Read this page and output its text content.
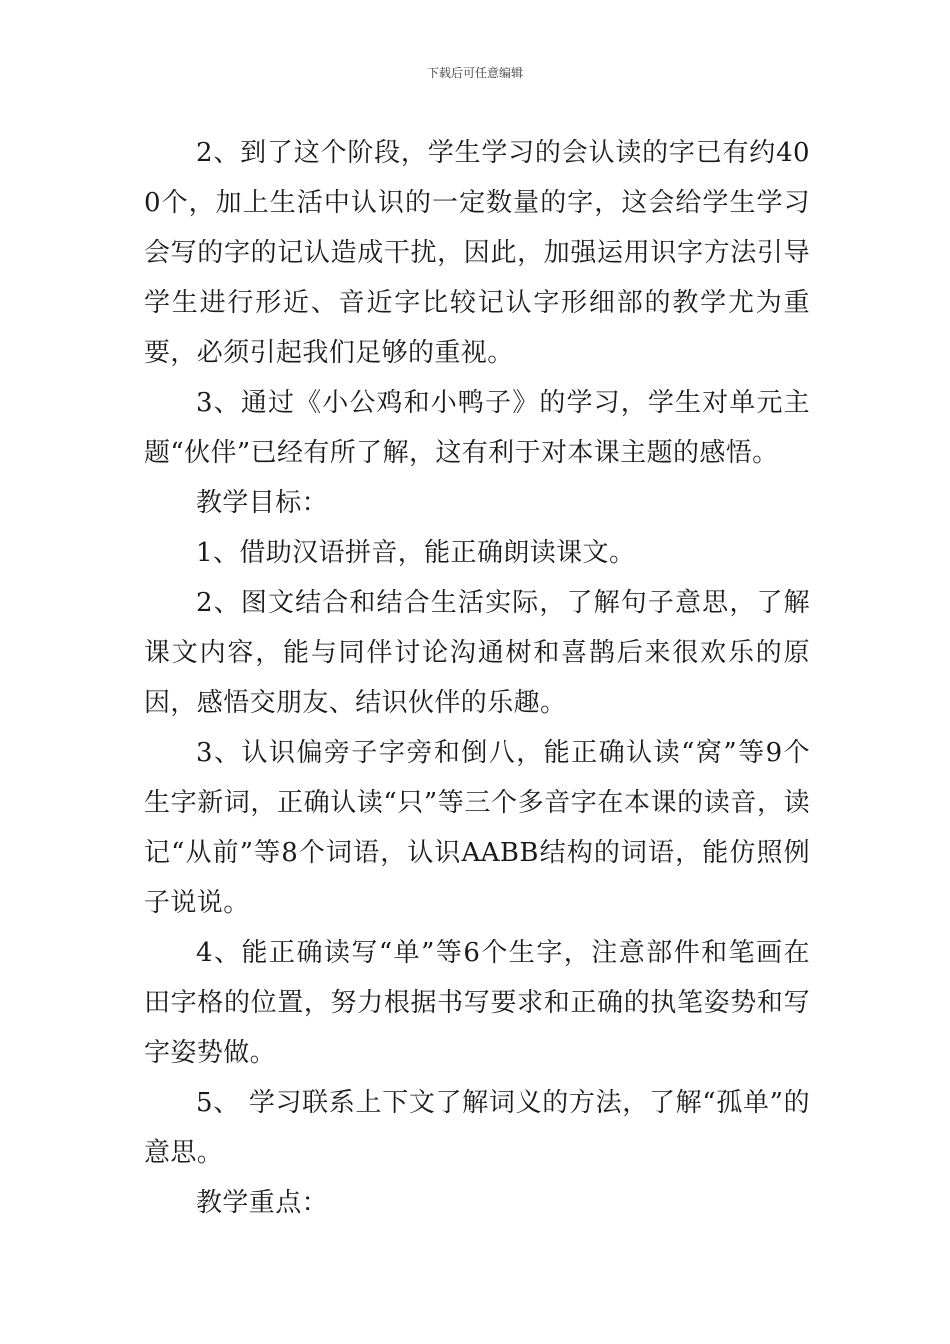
下载后可任意编辑

2、到了这个阶段，学生学习的会认读的字已有约400个，加上生活中认识的一定数量的字，这会给学生学习会写的字的记认造成干扰，因此，加强运用识字方法引导学生进行形近、音近字比较记认字形细部的教学尤为重要，必须引起我们足够的重视。

3、通过《小公鸡和小鸭子》的学习，学生对单元主题“伙伴”已经有所了解，这有利于对本课主题的感悟。

教学目标：

1、借助汉语拼音，能正确朗读课文。

2、图文结合和结合生活实际，了解句子意思，了解课文内容，能与同伴讨论沟通树和喜鹊后来很欢乐的原因，感悟交朋友、结识伙伴的乐趣。

3、认识偏旁子字旁和倒八，能正确认读“窝”等9个生字新词，正确认读“只”等三个多音字在本课的读音，读记“从前”等8个词语，认识AABB结构的词语，能仿照例子说说。

4、能正确读写“单”等6个生字，注意部件和笔画在田字格的位置，努力根据书写要求和正确的执笔姿势和写字姿势做。

5、 学习联系上下文了解词义的方法，了解“孤单”的意思。

教学重点：
